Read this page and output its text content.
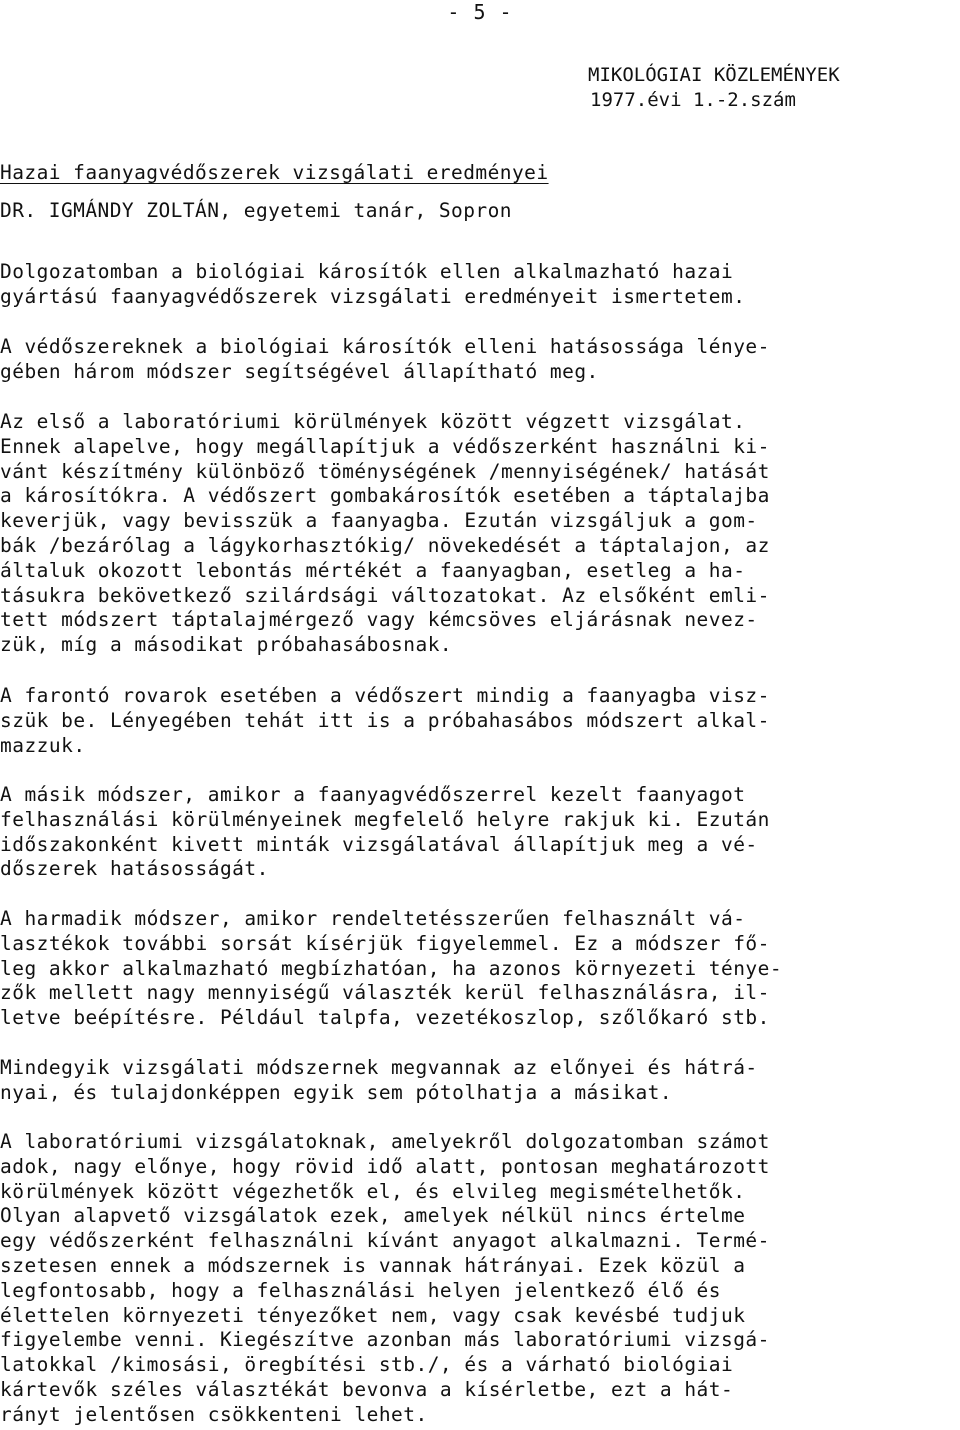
- 5 -
MIKOLÓGIAI KÖZLEMÉNYEK
1977.évi 1.-2.szám
Hazai faanyagvédőszerek vizsgálati eredményei
DR. IGMÁNDY ZOLTÁN, egyetemi tanár, Sopron
Dolgozatomban a biológiai károsítók ellen alkalmazható hazai
gyártású faanyagvédőszerek vizsgálati eredményeit ismertetem.
A védőszereknek a biológiai károsítók elleni hatásossága lénye-
gében három módszer segítségével állapítható meg.
Az első a laboratóriumi körülmények között végzett vizsgálat.
Ennek alapelve, hogy megállapítjuk a védőszerként használni ki-
vánt készítmény különböző töménységének /mennyiségének/ hatását
a károsítókra. A védőszert gombakárosítók esetében a táptalajba
keverjük, vagy bevisszük a faanyagba. Ezután vizsgáljuk a gom-
bák /bezárólag a lágykorhasztókig/ növekedését a táptalajon, az
általuk okozott lebontás mértékét a faanyagban, esetleg a ha-
tásukra bekövetkező szilárdsági változatokat. Az elsőként emli-
tett módszert táptalajmérgező vagy kémcsöves eljárásnak nevez-
zük, míg a másodikat próbahasábosnak.
A farontó rovarok esetében a védőszert mindig a faanyagba visz-
szük be. Lényegében tehát itt is a próbahasábos módszert alkal-
mazzuk.
A másik módszer, amikor a faanyagvédőszerrel kezelt faanyagot
felhasználási körülményeinek megfelelő helyre rakjuk ki. Ezután
időszakonként kivett minták vizsgálatával állapítjuk meg a vé-
dőszerek hatásosságát.
A harmadik módszer, amikor rendeltetésszerűen felhasznált vá-
lasztékok további sorsát kísérjük figyelemmel. Ez a módszer fő-
leg akkor alkalmazható megbízhatóan, ha azonos környezeti ténye-
zők mellett nagy mennyiségű választék kerül felhasználásra, il-
letve beépítésre. Például talpfa, vezetékoszlop, szőlőkaró stb.
Mindegyik vizsgálati módszernek megvannak az előnyei és hátrá-
nyai, és tulajdonképpen egyik sem pótolhatja a másikat.
A laboratóriumi vizsgálatoknak, amelyekről dolgozatomban számot
adok, nagy előnye, hogy rövid idő alatt, pontosan meghatározott
körülmények között végezhetők el, és elvileg megismételhetők.
Olyan alapvető vizsgálatok ezek, amelyek nélkül nincs értelme
egy védőszerként felhasználni kívánt anyagot alkalmazni. Termé-
szetesen ennek a módszernek is vannak hátrányai. Ezek közül a
legfontosabb, hogy a felhasználási helyen jelentkező élő és
élettelen környezeti tényezőket nem, vagy csak kevésbé tudjuk
figyelembe venni. Kiegészítve azonban más laboratóriumi vizsgá-
latokkal /kimosási, öregbítési stb./, és a várható biológiai
kártevők széles választékát bevonva a kísérletbe, ezt a hát-
rányt jelentősen csökkenteni lehet.
